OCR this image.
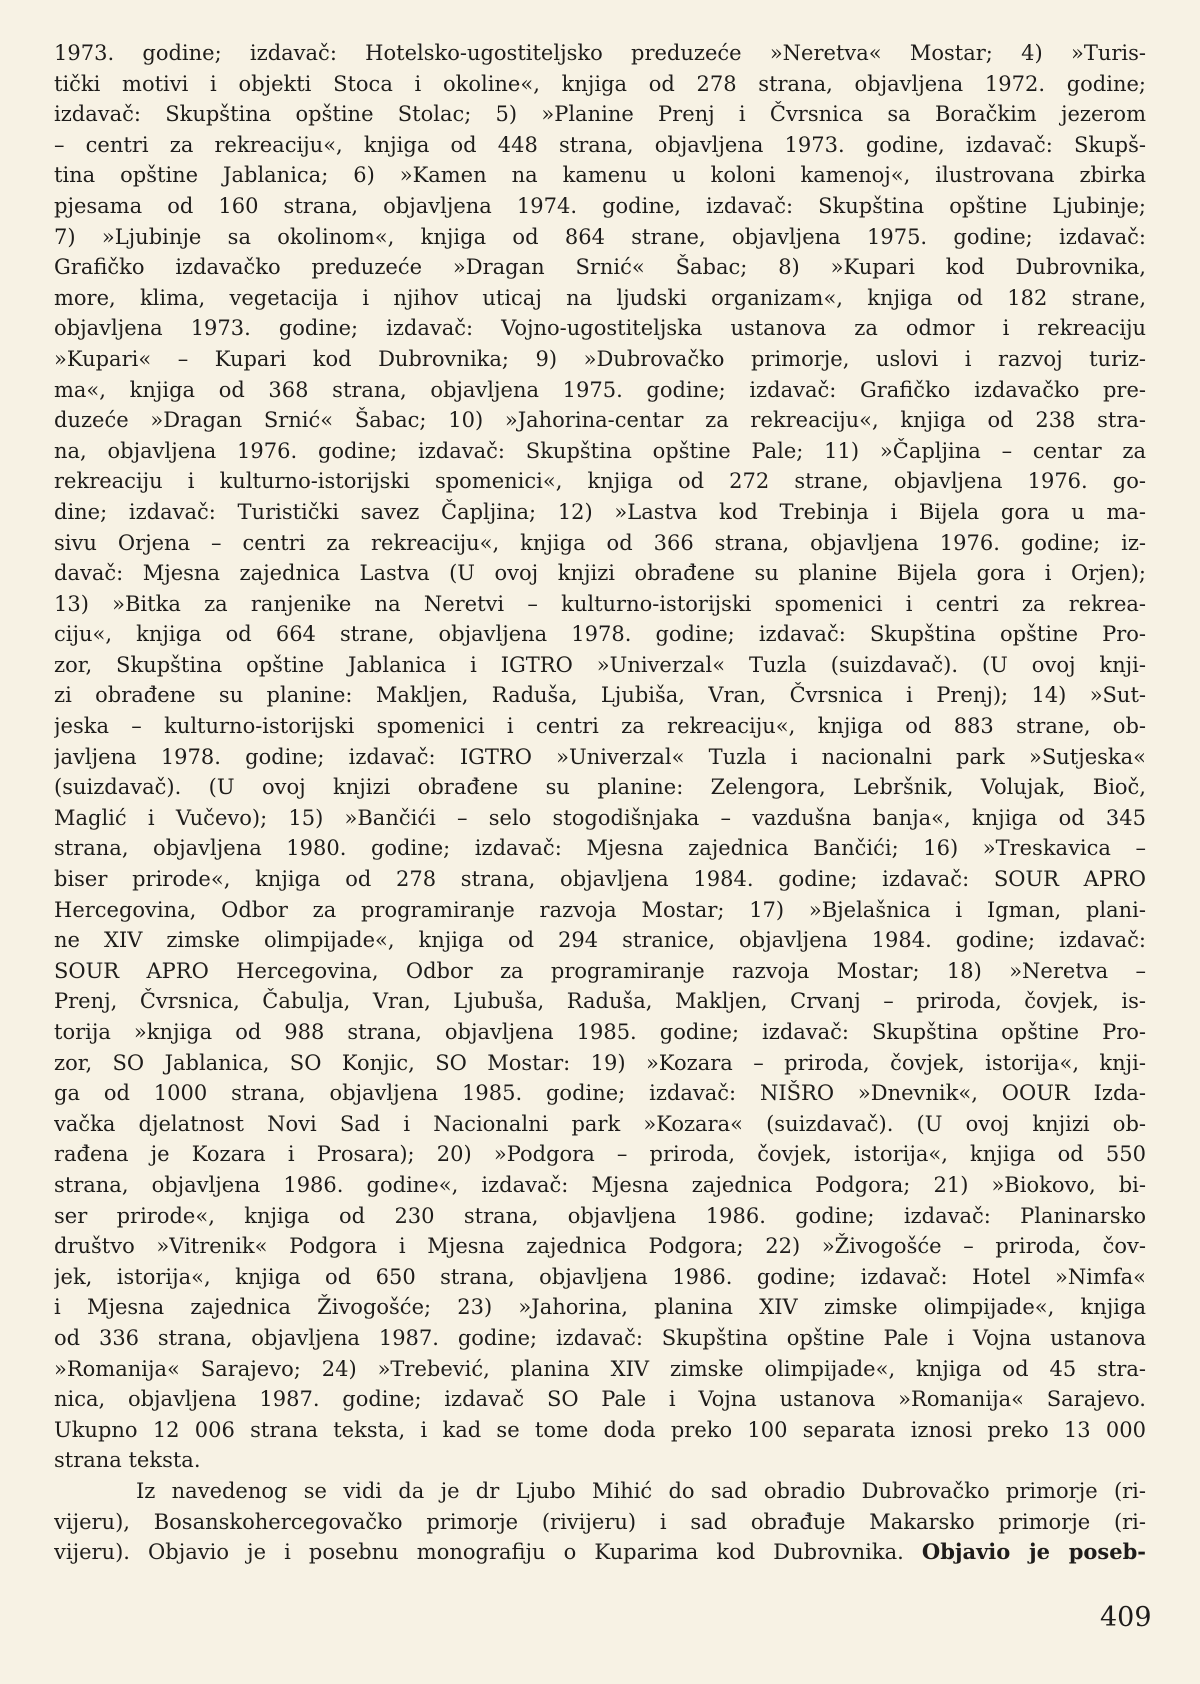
1973. godine; izdavač: Hotelsko-ugostiteljsko preduzeće »Neretva« Mostar; 4) »Turis-
tički motivi i objekti Stoca i okoline«, knjiga od 278 strana, objavljena 1972. godine;
izdavač: Skupština opštine Stolac; 5) »Planine Prenj i Čvrsnica sa Boračkim jezerom
– centri za rekreaciju«, knjiga od 448 strana, objavljena 1973. godine, izdavač: Skupš-
tina opštine Jablanica; 6) »Kamen na kamenu u koloni kamenoj«, ilustrovana zbirka
pjesama od 160 strana, objavljena 1974. godine, izdavač: Skupština opštine Ljubinje;
7) »Ljubinje sa okolinom«, knjiga od 864 strane, objavljena 1975. godine; izdavač:
Grafičko izdavačko preduzeće »Dragan Srnić« Šabac; 8) »Kupari kod Dubrovnika,
more, klima, vegetacija i njihov uticaj na ljudski organizam«, knjiga od 182 strane,
objavljena 1973. godine; izdavač: Vojno-ugostiteljska ustanova za odmor i rekreaciju
»Kupari« – Kupari kod Dubrovnika; 9) »Dubrovačko primorje, uslovi i razvoj turiz-
ma«, knjiga od 368 strana, objavljena 1975. godine; izdavač: Grafičko izdavačko pre-
duzeće »Dragan Srnić« Šabac; 10) »Jahorina-centar za rekreaciju«, knjiga od 238 stra-
na, objavljena 1976. godine; izdavač: Skupština opštine Pale; 11) »Čapljina – centar za
rekreaciju i kulturno-istorijski spomenici«, knjiga od 272 strane, objavljena 1976. go-
dine; izdavač: Turistički savez Čapljina; 12) »Lastva kod Trebinja i Bijela gora u ma-
sivu Orjena – centri za rekreaciju«, knjiga od 366 strana, objavljena 1976. godine; iz-
davač: Mjesna zajednica Lastva (U ovoj knjizi obrađene su planine Bijela gora i Orjen);
13) »Bitka za ranjenike na Neretvi – kulturno-istorijski spomenici i centri za rekrea-
ciju«, knjiga od 664 strane, objavljena 1978. godine; izdavač: Skupština opštine Pro-
zor, Skupština opštine Jablanica i IGTRO »Univerzal« Tuzla (suizdavač). (U ovoj knji-
zi obrađene su planine: Makljen, Raduša, Ljubiša, Vran, Čvrsnica i Prenj); 14) »Sut-
jeska – kulturno-istorijski spomenici i centri za rekreaciju«, knjiga od 883 strane, ob-
javljena 1978. godine; izdavač: IGTRO »Univerzal« Tuzla i nacionalni park »Sutjeska«
(suizdavač). (U ovoj knjizi obrađene su planine: Zelengora, Lebršnik, Volujak, Bioč,
Maglić i Vučevo); 15) »Bančići – selo stogodišnjaka – vazdušna banja«, knjiga od 345
strana, objavljena 1980. godine; izdavač: Mjesna zajednica Bančići; 16) »Treskavica –
biser prirode«, knjiga od 278 strana, objavljena 1984. godine; izdavač: SOUR APRO
Hercegovina, Odbor za programiranje razvoja Mostar; 17) »Bjelašnica i Igman, plani-
ne XIV zimske olimpijade«, knjiga od 294 stranice, objavljena 1984. godine; izdavač:
SOUR APRO Hercegovina, Odbor za programiranje razvoja Mostar; 18) »Neretva –
Prenj, Čvrsnica, Čabulja, Vran, Ljubuša, Raduša, Makljen, Crvanj – priroda, čovjek, is-
torija »knjiga od 988 strana, objavljena 1985. godine; izdavač: Skupština opštine Pro-
zor, SO Jablanica, SO Konjic, SO Mostar: 19) »Kozara – priroda, čovjek, istorija«, knji-
ga od 1000 strana, objavljena 1985. godine; izdavač: NIŠRO »Dnevnik«, OOUR Izda-
vačka djelatnost Novi Sad i Nacionalni park »Kozara« (suizdavač). (U ovoj knjizi ob-
rađena je Kozara i Prosara); 20) »Podgora – priroda, čovjek, istorija«, knjiga od 550
strana, objavljena 1986. godine«, izdavač: Mjesna zajednica Podgora; 21) »Biokovo, bi-
ser prirode«, knjiga od 230 strana, objavljena 1986. godine; izdavač: Planinarsko
društvo »Vitrenik« Podgora i Mjesna zajednica Podgora; 22) »Živogošće – priroda, čov-
jek, istorija«, knjiga od 650 strana, objavljena 1986. godine; izdavač: Hotel »Nimfa«
i Mjesna zajednica Živogošće; 23) »Jahorina, planina XIV zimske olimpijade«, knjiga
od 336 strana, objavljena 1987. godine; izdavač: Skupština opštine Pale i Vojna ustanova
»Romanija« Sarajevo; 24) »Trebević, planina XIV zimske olimpijade«, knjiga od 45 stra-
nica, objavljena 1987. godine; izdavač SO Pale i Vojna ustanova »Romanija« Sarajevo.
Ukupno 12 006 strana teksta, i kad se tome doda preko 100 separata iznosi preko 13 000
strana teksta.
Iz navedenog se vidi da je dr Ljubo Mihić do sad obradio Dubrovačko primorje (ri-
vijeru), Bosanskohercegovačko primorje (rivijeru) i sad obrađuje Makarsko primorje (ri-
vijeru). Objavio je i posebnu monografiju o Kuparima kod Dubrovnika. Objavio je poseb-
409
